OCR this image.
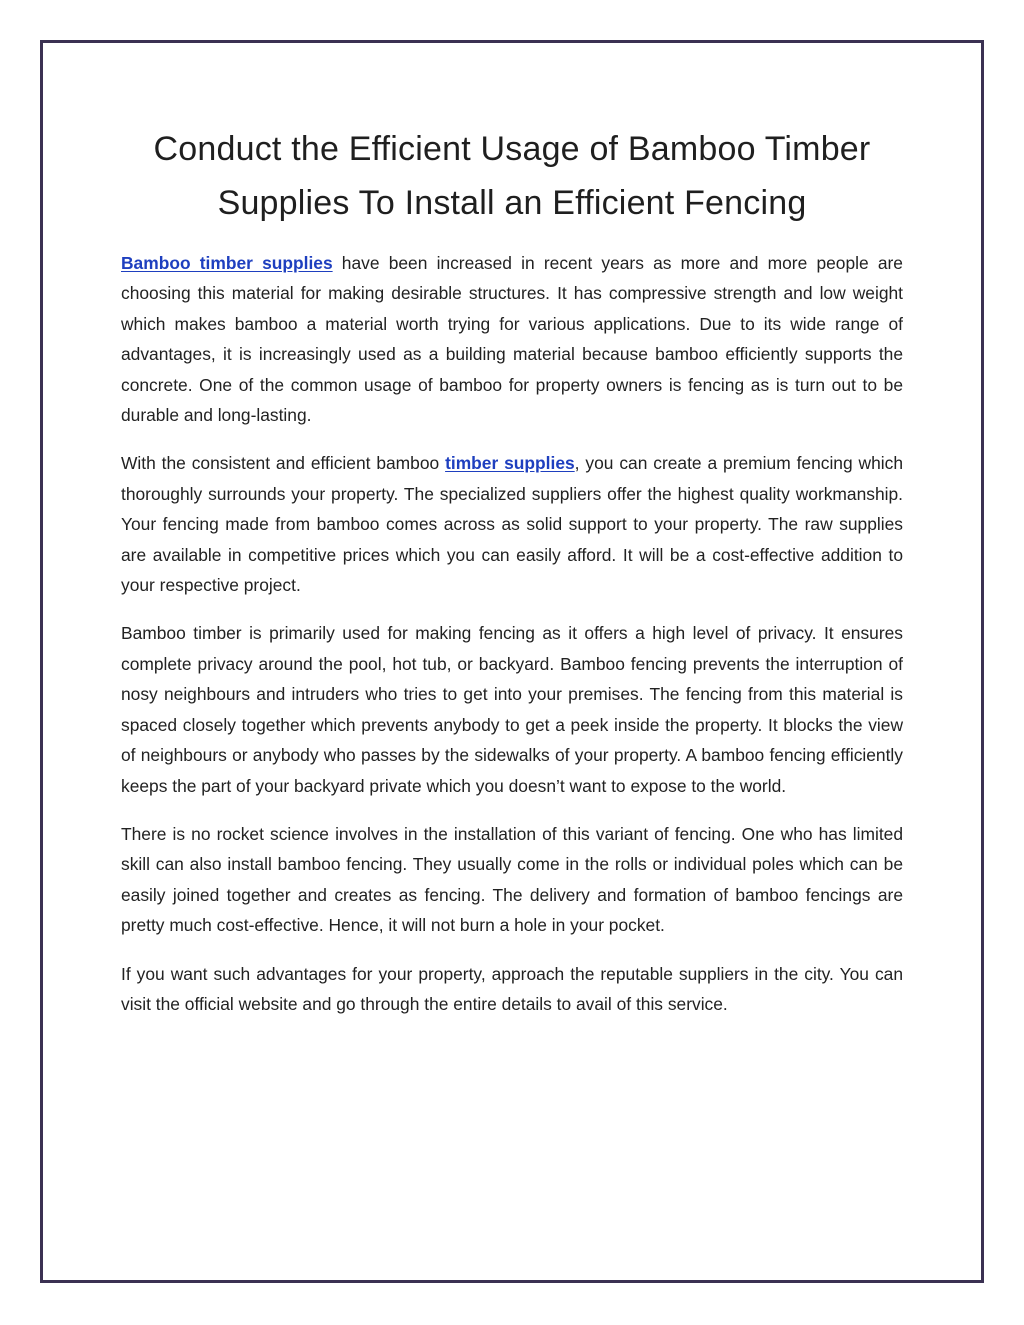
Conduct the Efficient Usage of Bamboo Timber Supplies To Install an Efficient Fencing

Bamboo timber supplies have been increased in recent years as more and more people are choosing this material for making desirable structures. It has compressive strength and low weight which makes bamboo a material worth trying for various applications. Due to its wide range of advantages, it is increasingly used as a building material because bamboo efficiently supports the concrete. One of the common usage of bamboo for property owners is fencing as is turn out to be durable and long-lasting.

With the consistent and efficient bamboo timber supplies, you can create a premium fencing which thoroughly surrounds your property. The specialized suppliers offer the highest quality workmanship. Your fencing made from bamboo comes across as solid support to your property. The raw supplies are available in competitive prices which you can easily afford. It will be a cost-effective addition to your respective project.

Bamboo timber is primarily used for making fencing as it offers a high level of privacy. It ensures complete privacy around the pool, hot tub, or backyard. Bamboo fencing prevents the interruption of nosy neighbours and intruders who tries to get into your premises. The fencing from this material is spaced closely together which prevents anybody to get a peek inside the property. It blocks the view of neighbours or anybody who passes by the sidewalks of your property. A bamboo fencing efficiently keeps the part of your backyard private which you doesn’t want to expose to the world.

There is no rocket science involves in the installation of this variant of fencing. One who has limited skill can also install bamboo fencing. They usually come in the rolls or individual poles which can be easily joined together and creates as fencing. The delivery and formation of bamboo fencings are pretty much cost-effective. Hence, it will not burn a hole in your pocket.

If you want such advantages for your property, approach the reputable suppliers in the city. You can visit the official website and go through the entire details to avail of this service.
